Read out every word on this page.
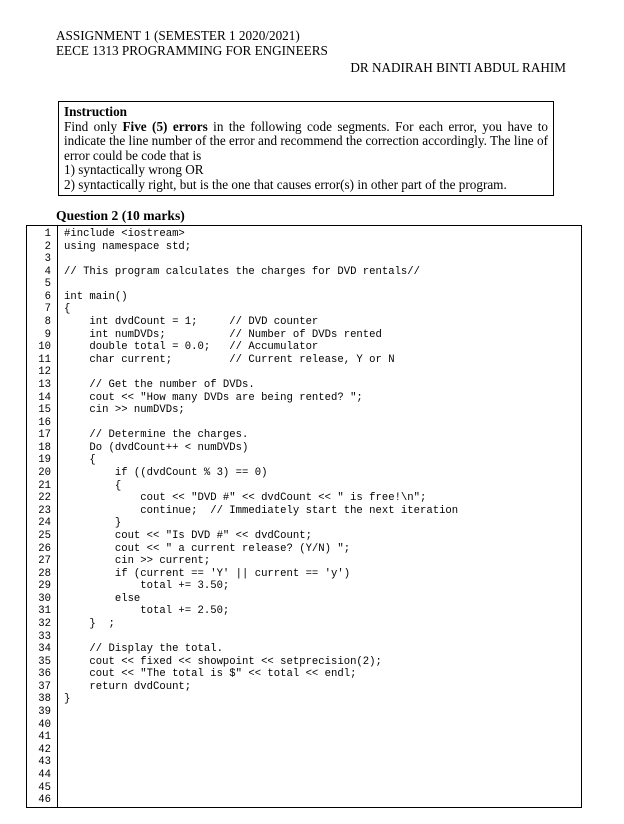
ASSIGNMENT 1 (SEMESTER 1 2020/2021)
EECE 1313 PROGRAMMING FOR ENGINEERS
DR NADIRAH BINTI ABDUL RAHIM
Instruction
Find only Five (5) errors in the following code segments. For each error, you have to indicate the line number of the error and recommend the correction accordingly. The line of error could be code that is
1) syntactically wrong OR
2) syntactically right, but is the one that causes error(s) in other part of the program.
Question 2 (10 marks)
1
2
3
4
5
6
7
8
9
10
11
12
13
14
15
16
17
18
19
20
21
22
23
24
25
26
27
28
29
30
31
32
33
34
35
36
37
38
39
40
41
42
43
44
45
46
#include <iostream>
using namespace std;
// This program calculates the charges for DVD rentals//
int main()
{
int dvdCount = 1;     // DVD counter
int numDVDs;          // Number of DVDs rented
double total = 0.0;   // Accumulator
char current;         // Current release, Y or N
// Get the number of DVDs.
cout << "How many DVDs are being rented? ";
cin >> numDVDs;
// Determine the charges.
Do (dvdCount++ < numDVDs)
{
if ((dvdCount % 3) == 0)
{
cout << "DVD #" << dvdCount << " is free!\n";
continue;  // Immediately start the next iteration
}
cout << "Is DVD #" << dvdCount;
cout << " a current release? (Y/N) ";
cin >> current;
if (current == 'Y' || current == 'y')
total += 3.50;
else
total += 2.50;
}  ;
// Display the total.
cout << fixed << showpoint << setprecision(2);
cout << "The total is $" << total << endl;
return dvdCount;
}
